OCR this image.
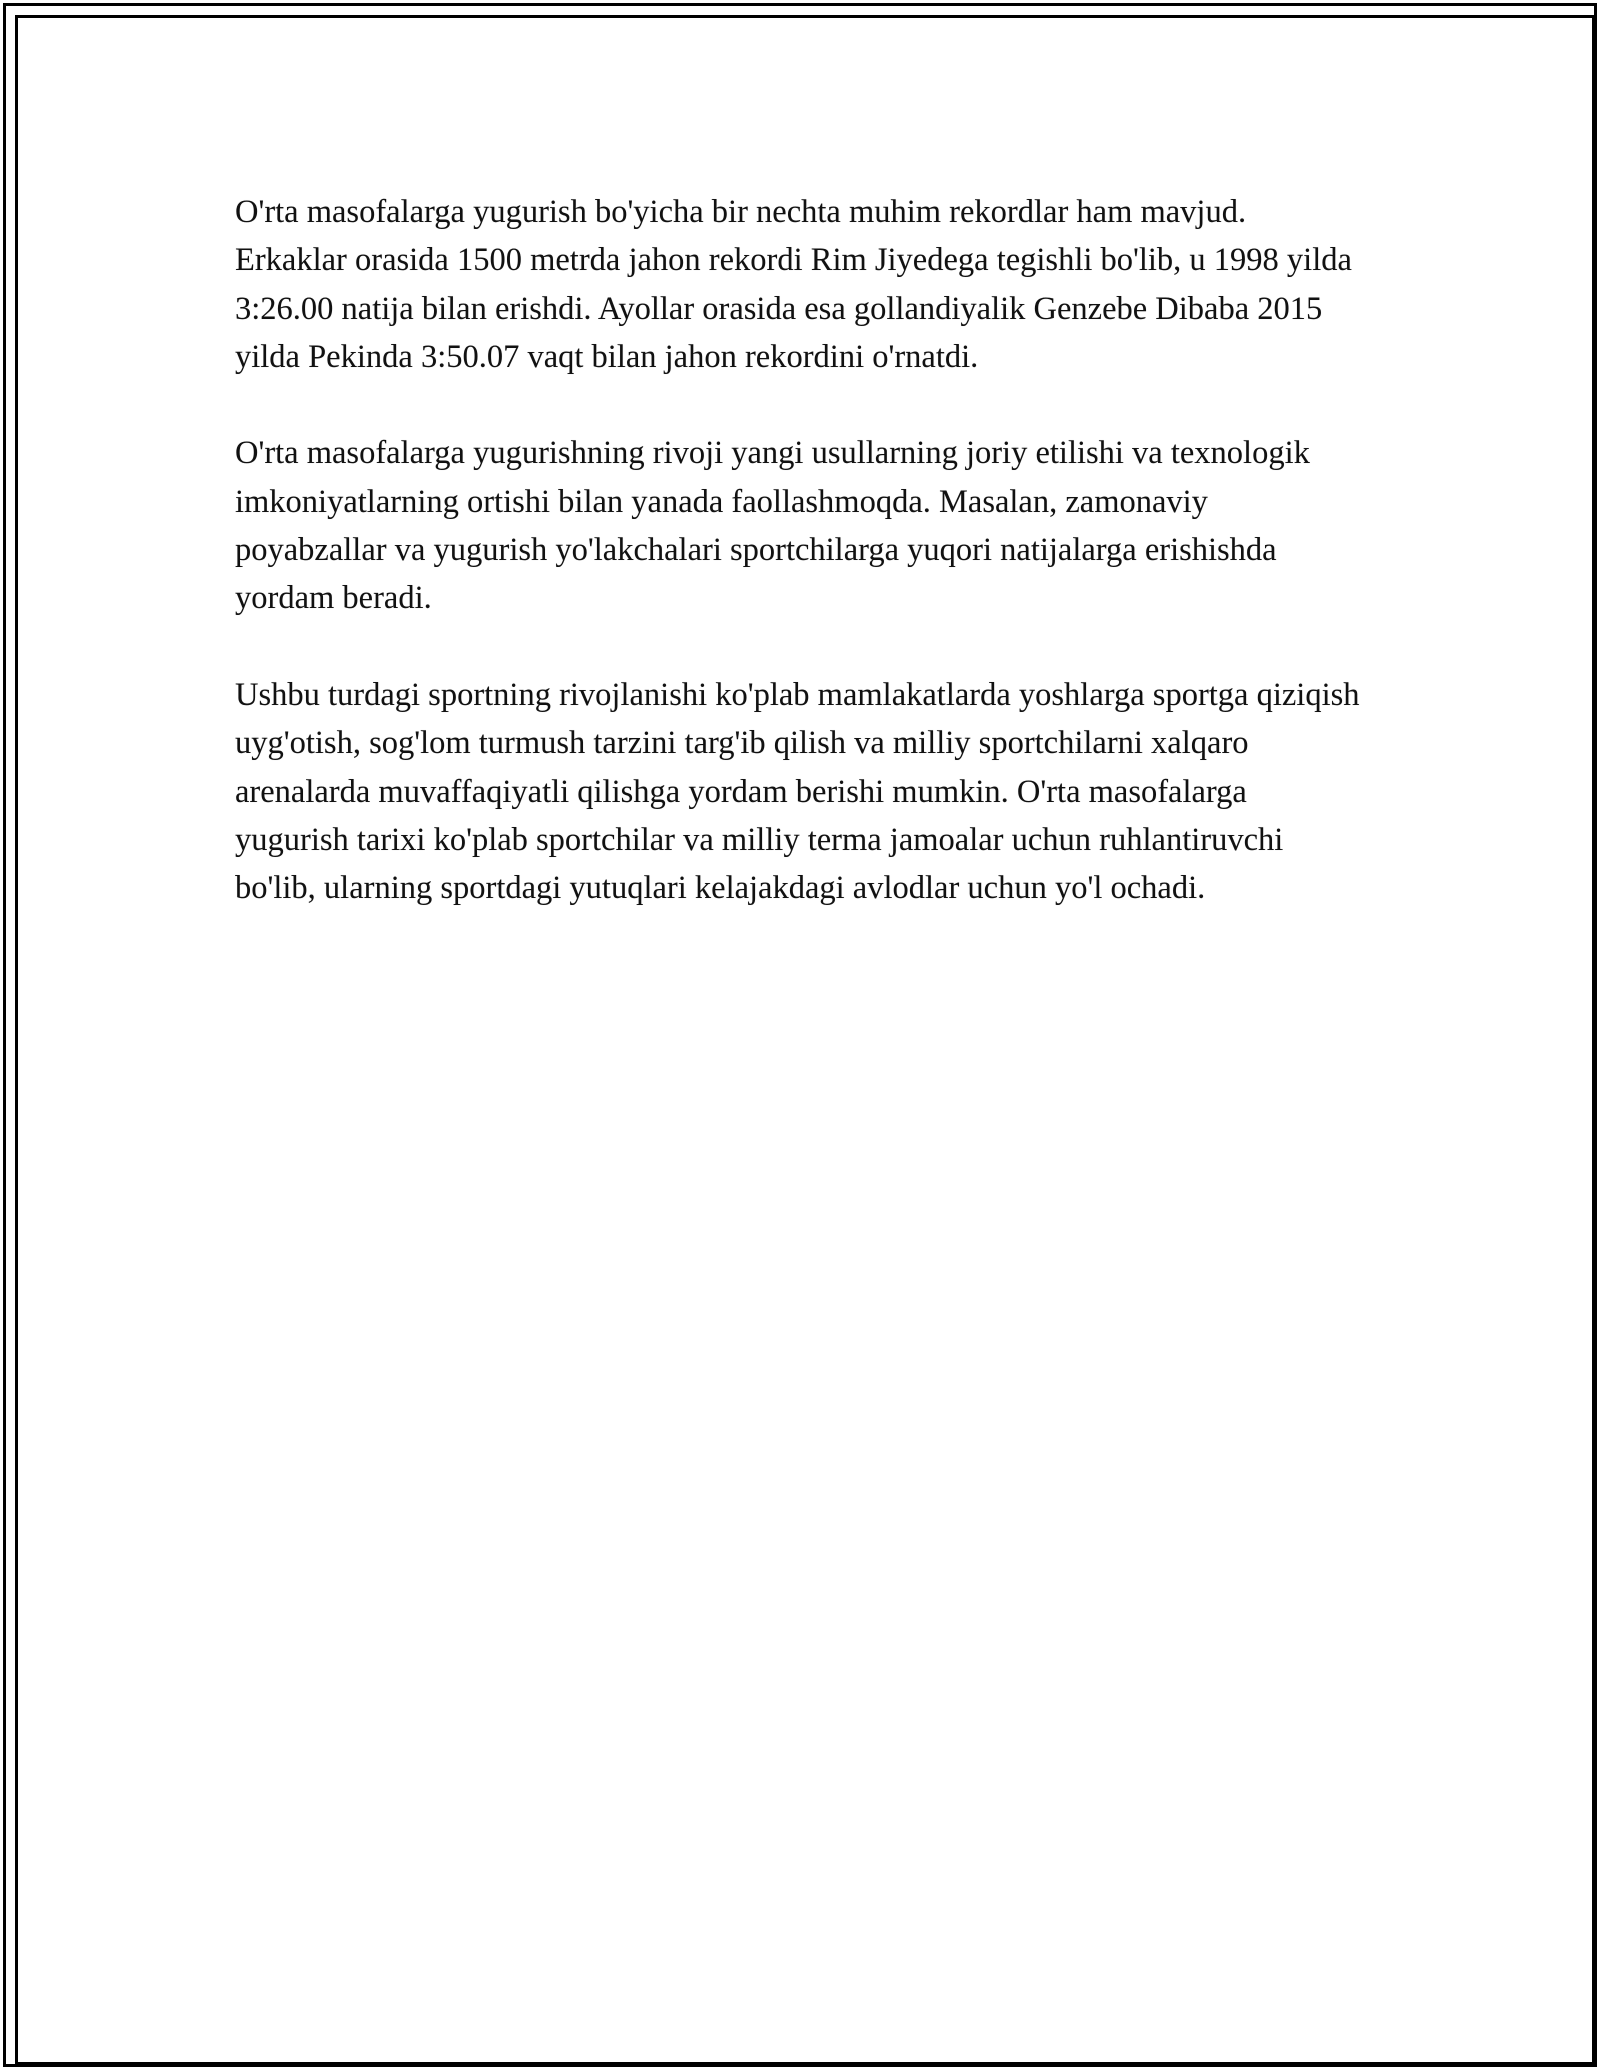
O'rta masofalarga yugurish bo'yicha bir nechta muhim rekordlar ham mavjud. Erkaklar orasida 1500 metrda jahon rekordi Rim Jiyedega tegishli bo'lib, u 1998 yilda 3:26.00 natija bilan erishdi. Ayollar orasida esa gollandiyalik Genzebe Dibaba 2015 yilda Pekinda 3:50.07 vaqt bilan jahon rekordini o'rnatdi.

O'rta masofalarga yugurishning rivoji yangi usullarning joriy etilishi va texnologik imkoniyatlarning ortishi bilan yanada faollashmoqda. Masalan, zamonaviy poyabzallar va yugurish yo'lakchalari sportchilarga yuqori natijalarga erishishda yordam beradi.

Ushbu turdagi sportning rivojlanishi ko'plab mamlakatlarda yoshlarga sportga qiziqish uyg'otish, sog'lom turmush tarzini targ'ib qilish va milliy sportchilarni xalqaro arenalarda muvaffaqiyatli qilishga yordam berishi mumkin. O'rta masofalarga yugurish tarixi ko'plab sportchilar va milliy terma jamoalar uchun ruhlantiruvchi bo'lib, ularning sportdagi yutuqlari kelajakdagi avlodlar uchun yo'l ochadi.
